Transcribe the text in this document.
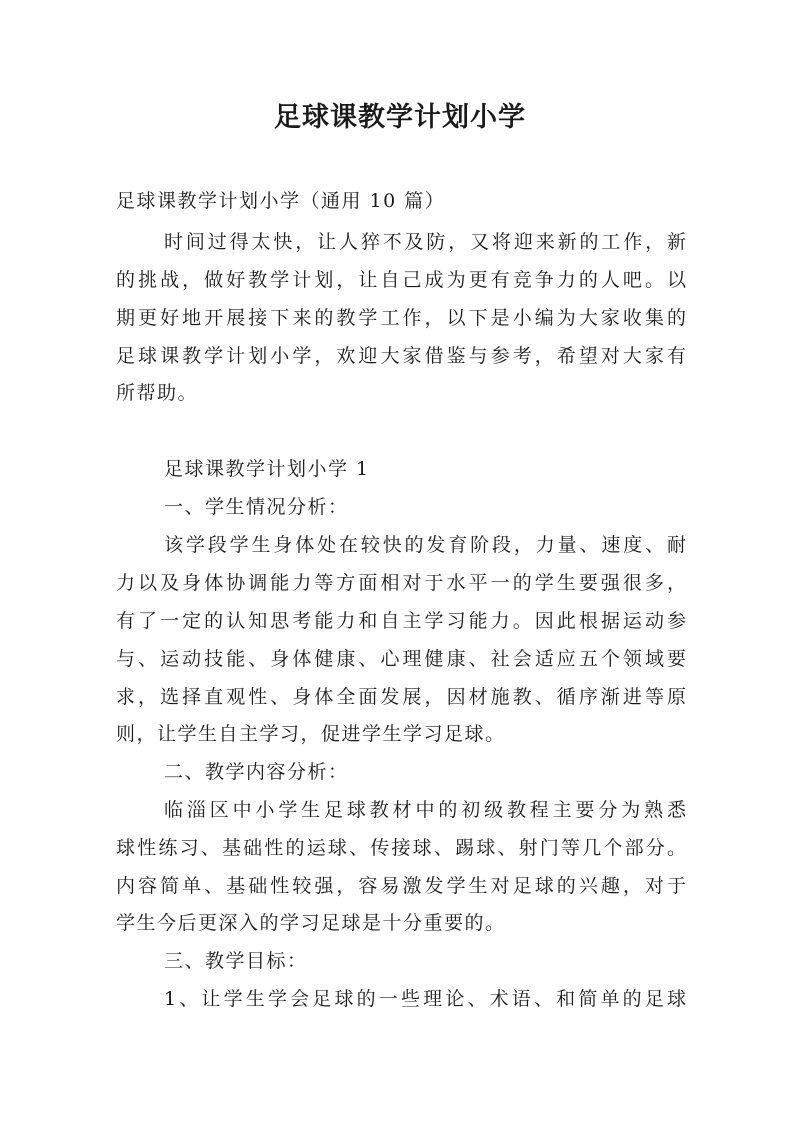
足球课教学计划小学
足球课教学计划小学（通用 10 篇）
时间过得太快，让人猝不及防，又将迎来新的工作，新
的挑战，做好教学计划，让自己成为更有竞争力的人吧。以
期更好地开展接下来的教学工作，以下是小编为大家收集的
足球课教学计划小学，欢迎大家借鉴与参考，希望对大家有
所帮助。
足球课教学计划小学 1
一、学生情况分析：
该学段学生身体处在较快的发育阶段，力量、速度、耐
力以及身体协调能力等方面相对于水平一的学生要强很多，
有了一定的认知思考能力和自主学习能力。因此根据运动参
与、运动技能、身体健康、心理健康、社会适应五个领域要
求，选择直观性、身体全面发展，因材施教、循序渐进等原
则，让学生自主学习，促进学生学习足球。
二、教学内容分析：
临淄区中小学生足球教材中的初级教程主要分为熟悉
球性练习、基础性的运球、传接球、踢球、射门等几个部分。
内容简单、基础性较强，容易激发学生对足球的兴趣，对于
学生今后更深入的学习足球是十分重要的。
三、教学目标：
1、让学生学会足球的一些理论、术语、和简单的足球
